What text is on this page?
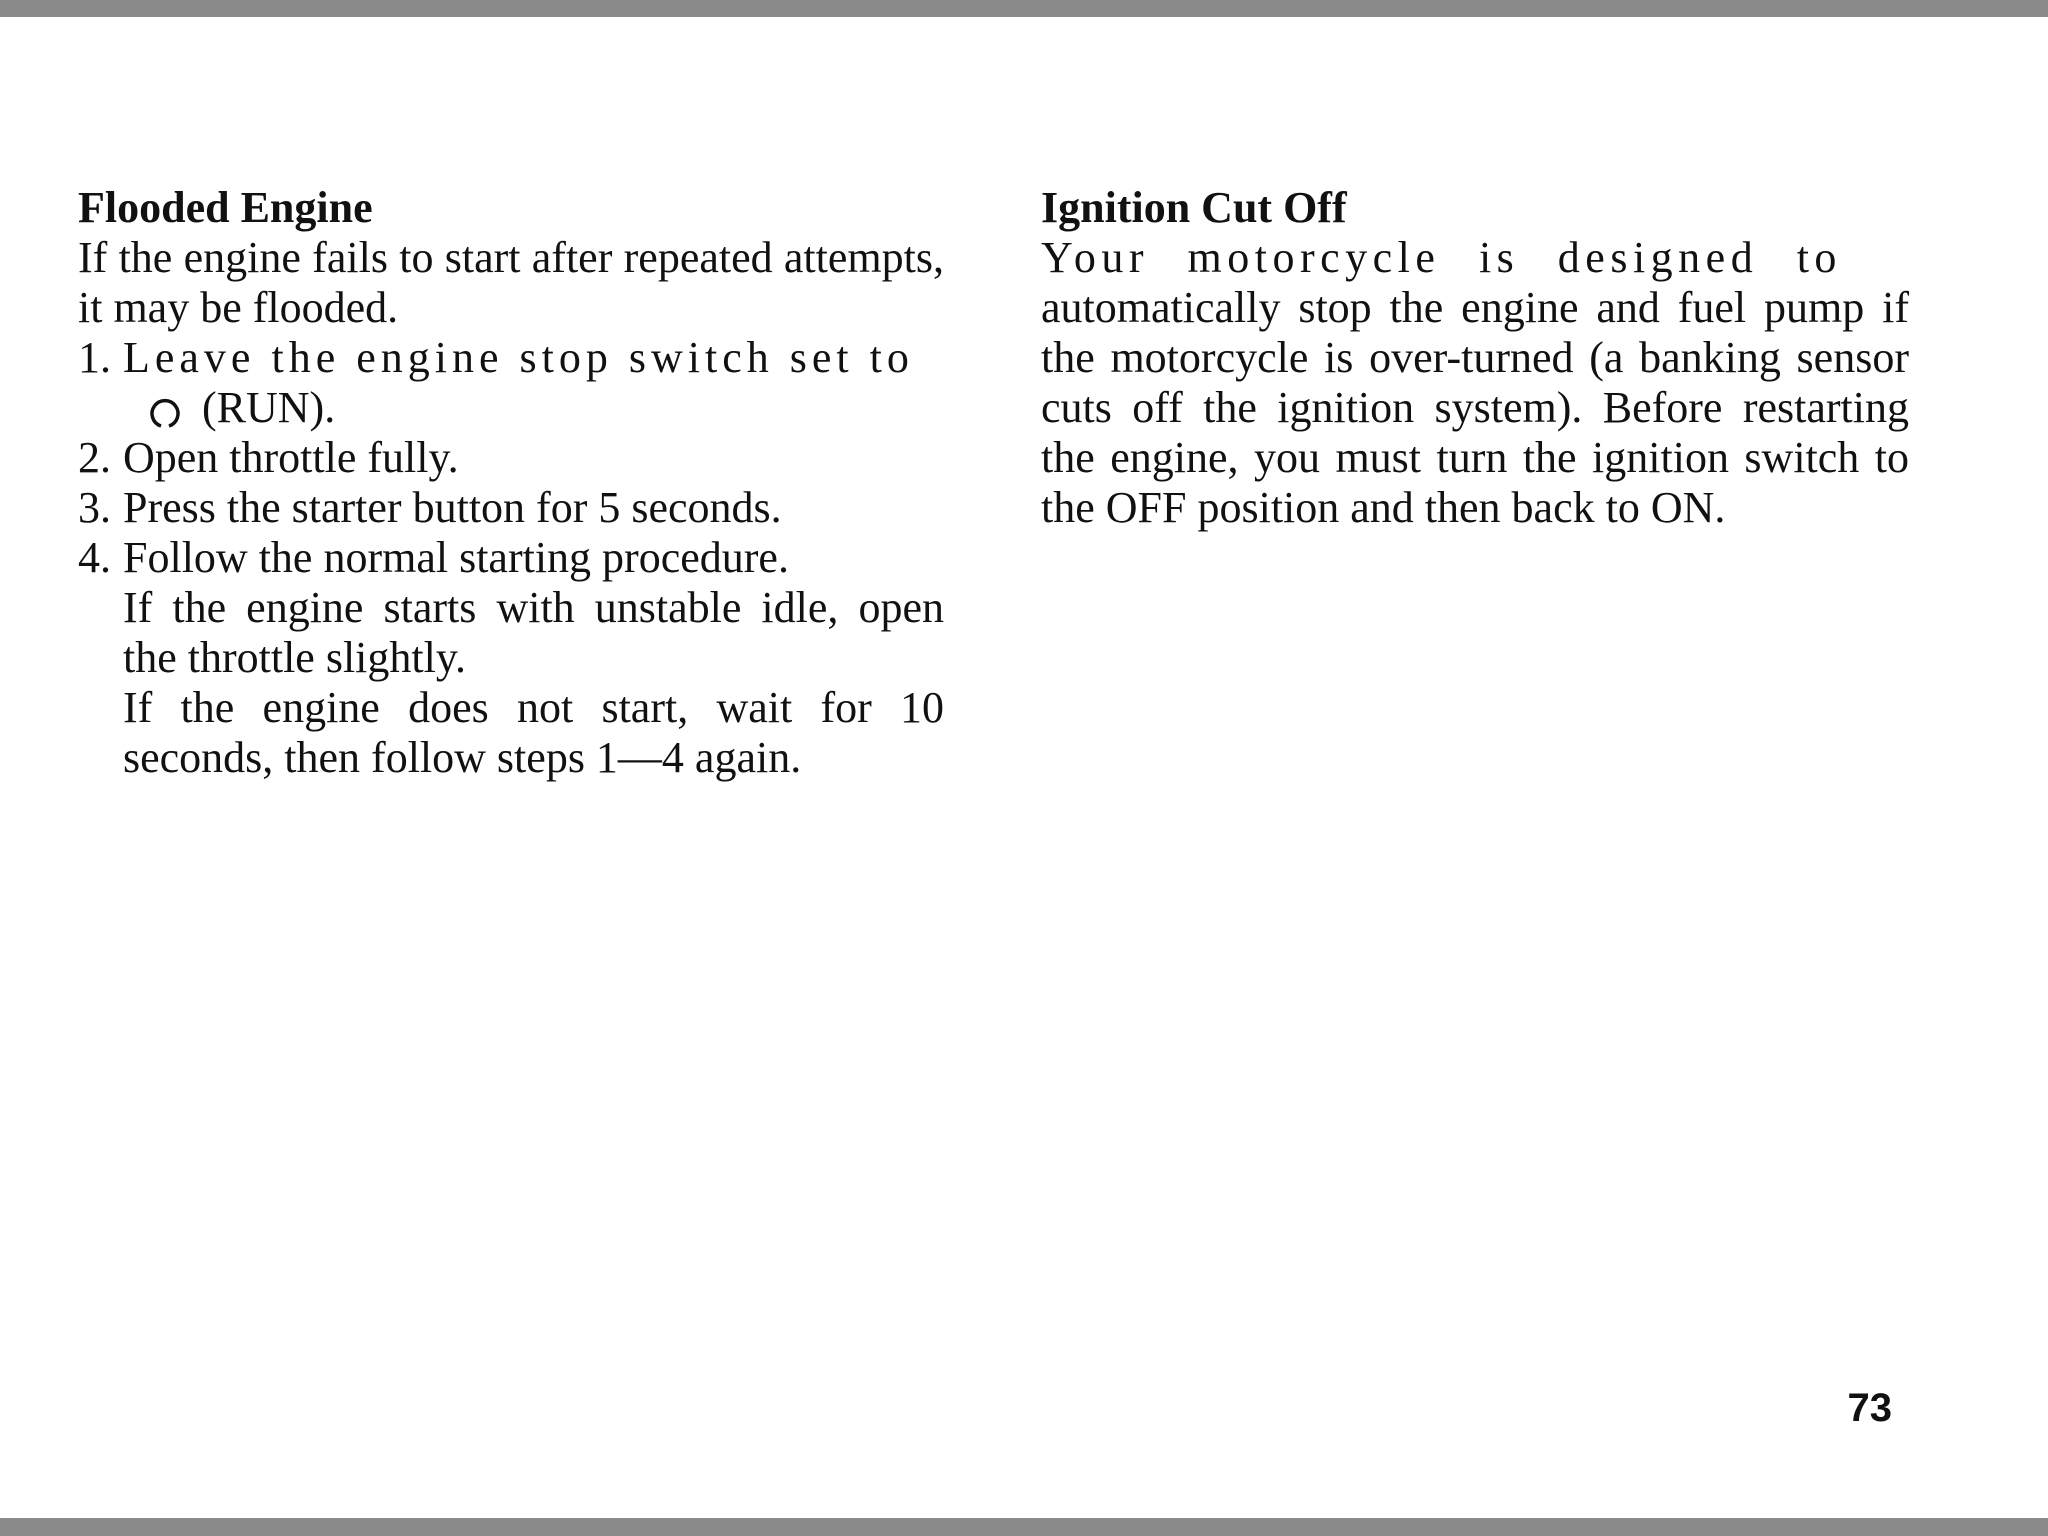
Flooded Engine

If the engine fails to start after repeated attempts, it may be flooded.

1. Leave the engine stop switch set to

(RUN).

2. Open throttle fully.

3. Press the starter button for 5 seconds.

4. Follow the normal starting procedure.

If the engine starts with unstable idle, open the throttle slightly.

If the engine does not start, wait for 10 seconds, then follow steps 1—4 again.

Ignition Cut Off

Your motorcycle is designed to

automatically stop the engine and fuel pump if the motorcycle is over-turned (a banking sensor cuts off the ignition system). Before restarting the engine, you must turn the ignition switch to the OFF position and then back to ON.

73
